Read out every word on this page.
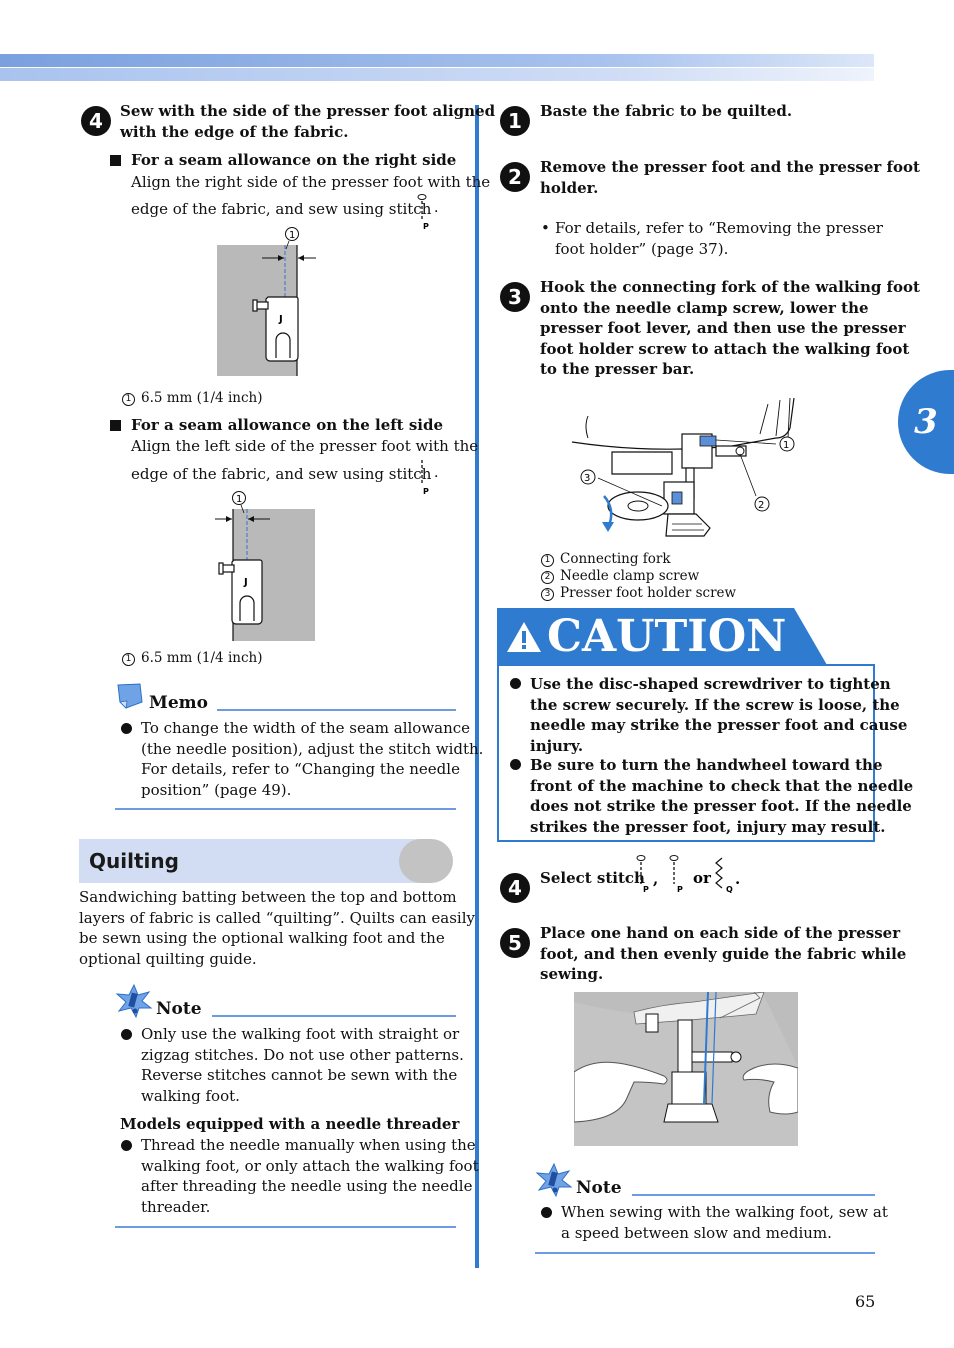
3
4	Sew with the side of the presser foot aligned
with the edge of the fabric.
For a seam allowance on the right side
Align the right side of the presser foot with the
edge of the fabric, and sew using stitch
P
.
1
J
1 6.5 mm (1/4 inch)
For a seam allowance on the left side
Align the left side of the presser foot with the
edge of the fabric, and sew using stitch
P
.
1
J
1 6.5 mm (1/4 inch)
Memo
To change the width of the seam allowance
(the needle position), adjust the stitch width.
For details, refer to “Changing the needle
position” (page 49).
Quilting
Sandwiching batting between the top and bottom
layers of fabric is called “quilting”. Quilts can easily
be sewn using the optional walking foot and the
optional quilting guide.
Note
Only use the walking foot with straight or
zigzag stitches. Do not use other patterns.
Reverse stitches cannot be sewn with the
walking foot.
Models equipped with a needle threader
Thread the needle manually when using the
walking foot, or only attach the walking foot
after threading the needle using the needle
threader.
1	Baste the fabric to be quilted.
2	Remove the presser foot and the presser foot
holder.
• For details, refer to “Removing the presser
foot holder” (page 37).
3	Hook the connecting fork of the walking foot
onto the needle clamp screw, lower the
presser foot lever, and then use the presser
foot holder screw to attach the walking foot
to the presser bar.
1
2
3
1 Connecting fork
2 Needle clamp screw
3 Presser foot holder screw
CAUTION
Use the disc-shaped screwdriver to tighten
the screw securely. If the screw is loose, the
needle may strike the presser foot and cause
injury.
Be sure to turn the handwheel toward the
front of the machine to check that the needle
does not strike the presser foot. If the needle
strikes the presser foot, injury may result.
4	Select stitch
P
,
P
or
Q
.
5	Place one hand on each side of the presser
foot, and then evenly guide the fabric while
sewing.
Note
When sewing with the walking foot, sew at
a speed between slow and medium.
65
